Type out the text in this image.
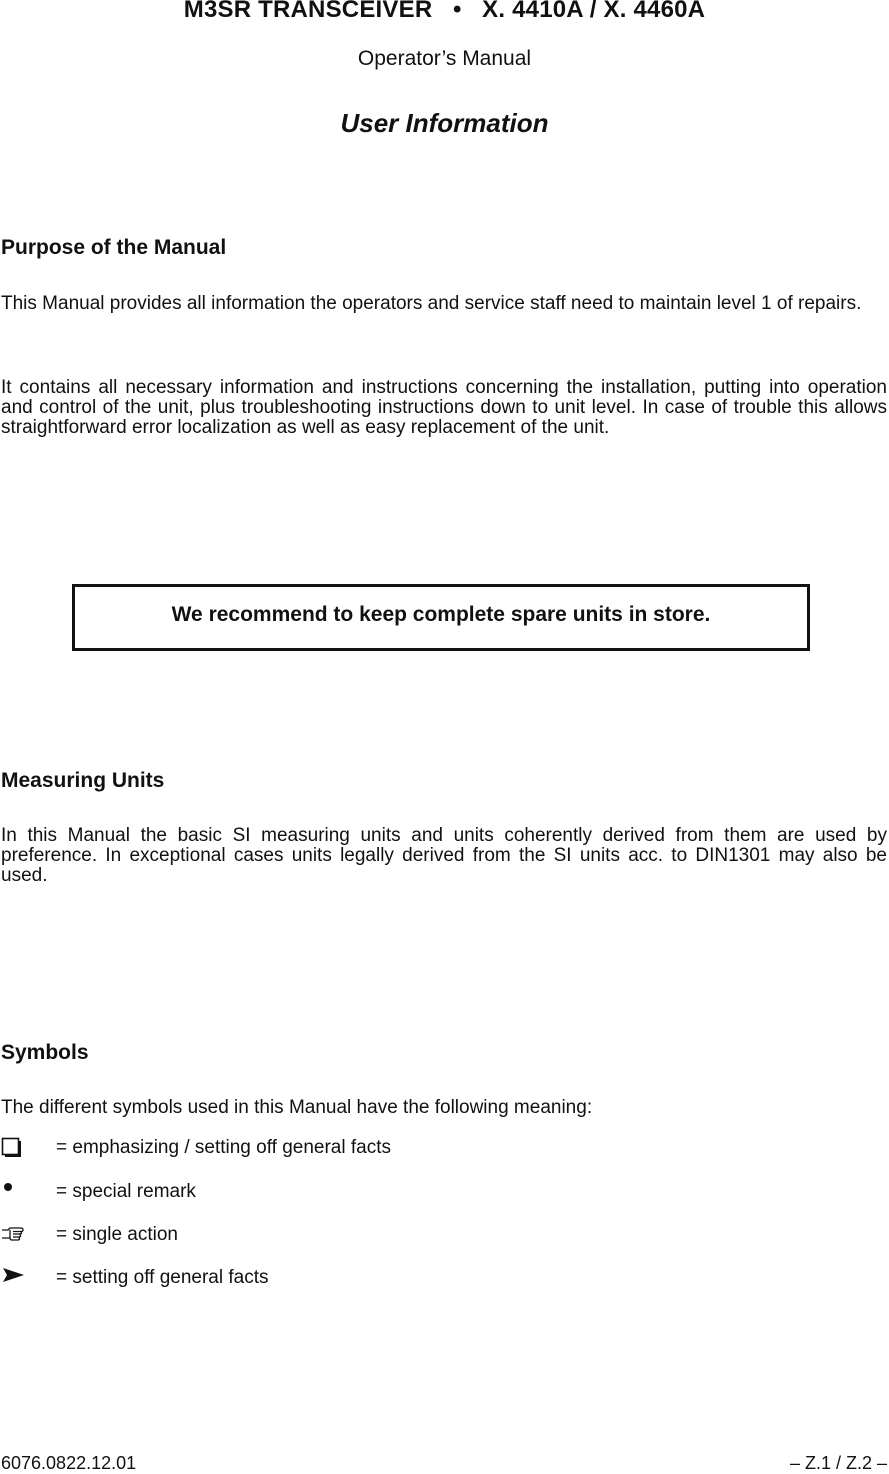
M3SR TRANSCEIVER   •   X. 4410A / X. 4460A
Operator’s Manual
User Information
Purpose of the Manual
This Manual provides all information the operators and service staff need to maintain level 1 of repairs.
It contains all necessary information and instructions concerning the installation, putting into operation and control of the unit, plus troubleshooting instructions down to unit level. In case of trouble this allows straightforward error localization as well as easy replacement of the unit.
We recommend to keep complete spare units in store.
Measuring Units
In this Manual the basic SI measuring units and units coherently derived from them are used by preference. In exceptional cases units legally derived from the SI units acc. to DIN1301 may also be used.
Symbols
The different symbols used in this Manual have the following meaning:
= emphasizing / setting off general facts
= special remark
= single action
= setting off general facts
6076.0822.12.01	– Z.1 / Z.2 –
